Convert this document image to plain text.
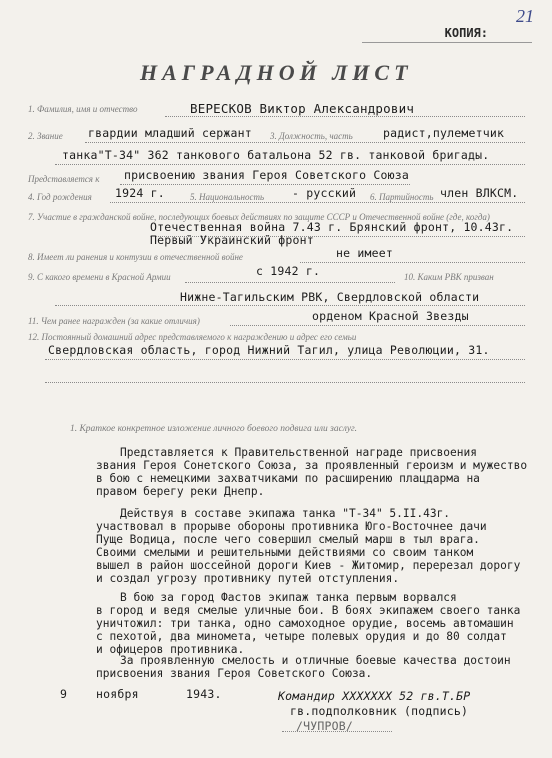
21
КОПИЯ:
НАГРАДНОЙ ЛИСТ
1. Фамилия, имя и отчество	ВЕРЕСКОВ Виктор Александрович
2. Звание гвардии младший сержант 3. Должность, часть	радист,пулеметчик
танка"Т-34" 362 танкового батальона 52 гв. танковой бригады.
Представляется к присвоению звания Героя Советского Союза
4. Год рождения 1924 г.	5. Национальность - русский 6. Партийность член ВЛКСМ.
7. Участие в гражданской войне, последующих боевых действиях по защите СССР и Отечественной войне (где, когда)
Отечественная война 7.43 г. Брянский фронт, 10.43г. Первый Украинский фронт
8. Имеет ли ранения и контузии в отечественной войне	не имеет
9. С какого времени в Красной Армии	с 1942 г.	10. Каким РВК призван
Нижне-Тагильским РВК, Свердловской области
11. Чем ранее награжден (за какие отличия)	орденом Красной Звезды
12. Постоянный домашний адрес представляемого к награждению и адрес его семьи
Свердловская область, город Нижний Тагил, улица Революции, 31.
1. Краткое конкретное изложение личного боевого подвига или заслуг.
Представляется к Правительственной награде присвоения
звания Героя Сонетского Союза, за проявленный героизм и мужество
в бою с немецкими захватчиками по расширению плацдарма на
правом берегу реки Днепр.
Действуя в составе экипажа танка "Т-34" 5.II.43г.
участвовал в прорыве обороны противника Юго-Восточнее дачи
Пуще Водица, после чего совершил смелый марш в тыл врага.
Своими смелыми и решительными действиями со своим танком
вышел в район шоссейной дороги Киев - Житомир, перерезал дорогу
и создал угрозу противнику путей отступления.
В бою за город Фастов экипаж танка первым ворвался
в город и ведя смелые уличные бои. В боях экипажем своего танка
уничтожил: три танка, одно самоходное орудие, восемь автомашин
с пехотой, два миномета, четыре полевых орудия и до 80 солдат
и офицеров противника.
За проявленную смелость и отличные боевые качества достоин
присвоения звания Героя Советского Союза.
9	ноября	1943.	Командир XXXXXXX 52 гв.Т.БР
гв.подполковник (подпись)
/ЧУПРОВ/
